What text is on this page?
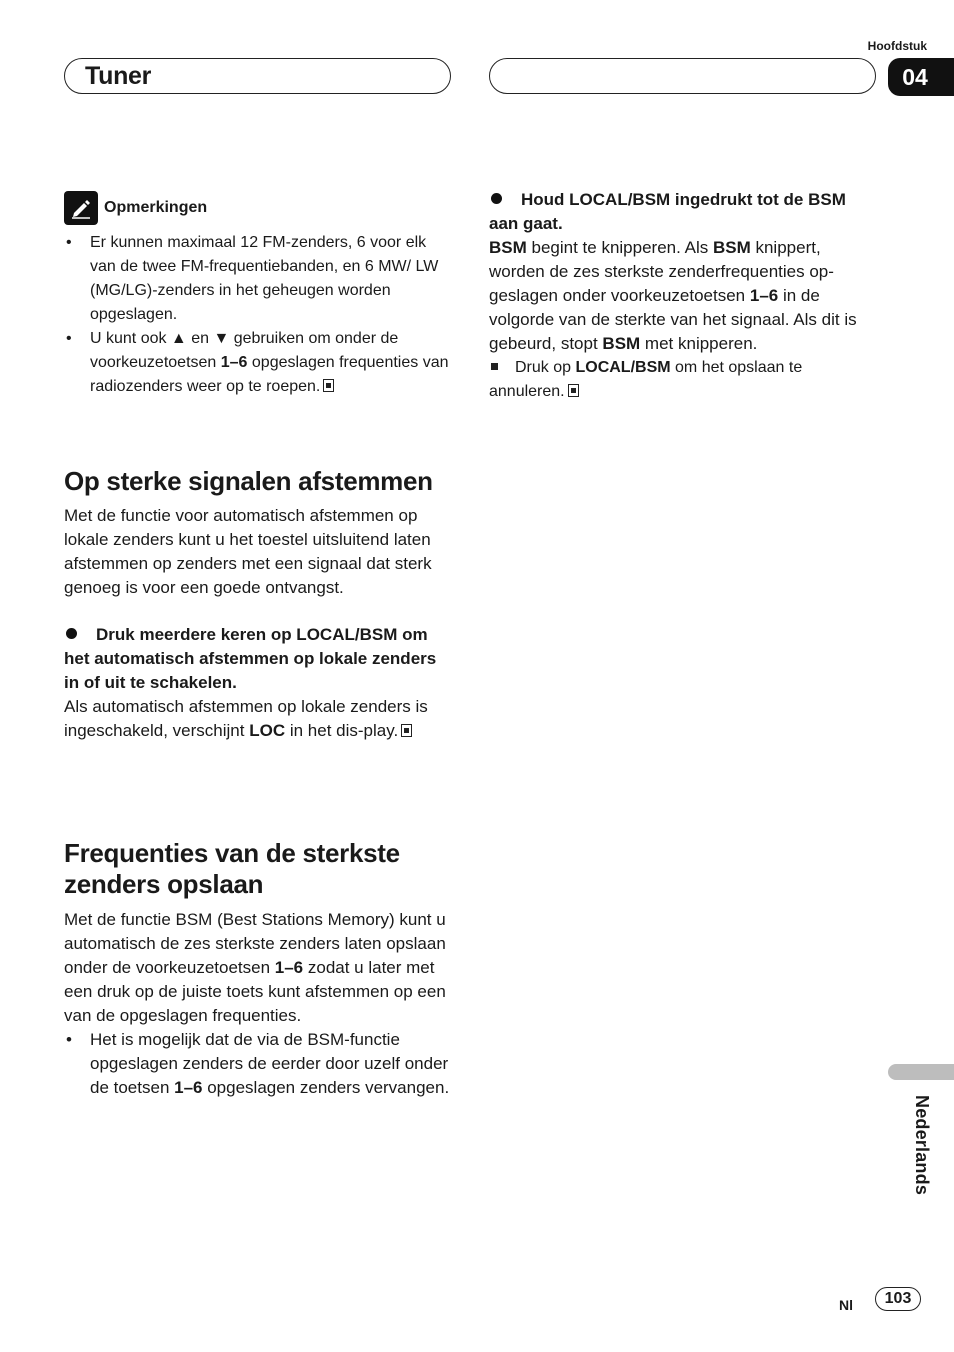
Hoofdstuk
Tuner	04
Opmerkingen
• Er kunnen maximaal 12 FM-zenders, 6 voor elk van de twee FM-frequentiebanden, en 6 MW/ LW (MG/LG)-zenders in het geheugen worden opgeslagen.
• U kunt ook ▲ en ▼ gebruiken om onder de voorkeuzetoetsen 1–6 opgeslagen frequenties van radiozenders weer op te roepen.
Op sterke signalen afstemmen

Met de functie voor automatisch afstemmen op lokale zenders kunt u het toestel uitsluitend laten afstemmen op zenders met een signaal dat sterk genoeg is voor een goede ontvangst.

Druk meerdere keren op LOCAL/BSM om het automatisch afstemmen op lokale zenders in of uit te schakelen.

Als automatisch afstemmen op lokale zenders is ingeschakeld, verschijnt LOC in het dis-play.

Frequenties van de sterkste zenders opslaan

Met de functie BSM (Best Stations Memory) kunt u automatisch de zes sterkste zenders laten opslaan onder de voorkeuzetoetsen 1–6 zodat u later met een druk op de juiste toets kunt afstemmen op een van de opgeslagen frequenties.

• Het is mogelijk dat de via de BSM-functie opgeslagen zenders de eerder door uzelf onder de toetsen 1–6 opgeslagen zenders vervangen.

Houd LOCAL/BSM ingedrukt tot de BSM aan gaat.

BSM begint te knipperen. Als BSM knippert, worden de zes sterkste zenderfrequenties op-geslagen onder voorkeuzetoetsen 1–6 in de volgorde van de sterkte van het signaal. Als dit is gebeurd, stopt BSM met knipperen.

Druk op LOCAL/BSM om het opslaan te annuleren.

Nederlands
Nl	103
